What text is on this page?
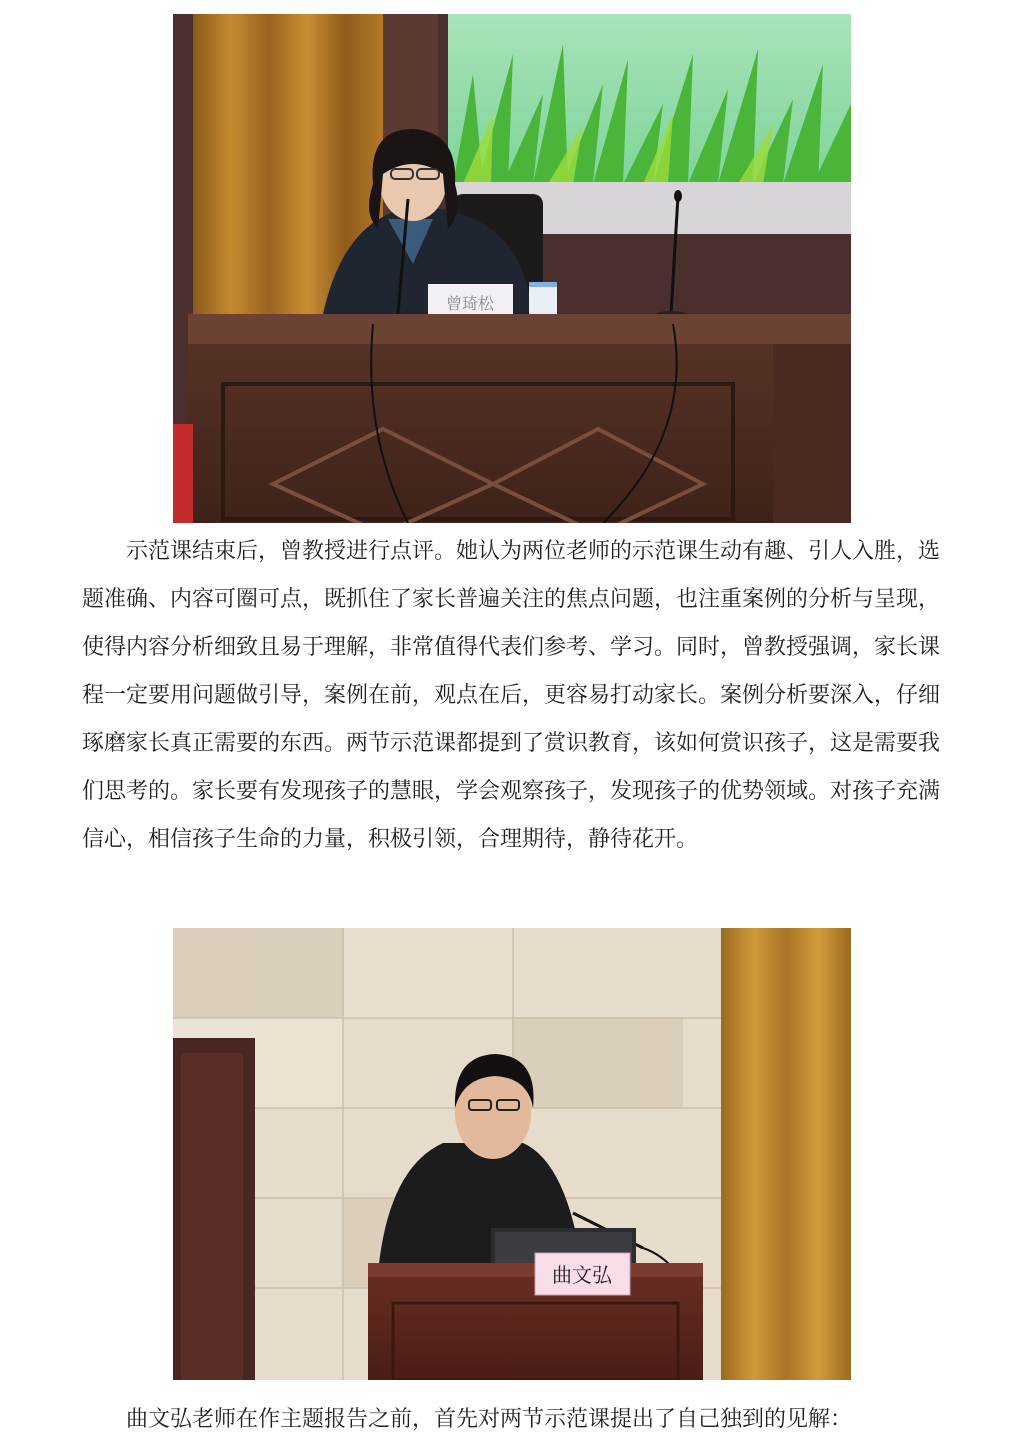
曾琦松

示范课结束后，曾教授进行点评。她认为两位老师的示范课生动有趣、引人入胜，选题准确、内容可圈可点，既抓住了家长普遍关注的焦点问题，也注重案例的分析与呈现，使得内容分析细致且易于理解，非常值得代表们参考、学习。同时，曾教授强调，家长课程一定要用问题做引导，案例在前，观点在后，更容易打动家长。案例分析要深入，仔细琢磨家长真正需要的东西。两节示范课都提到了赏识教育，该如何赏识孩子，这是需要我们思考的。家长要有发现孩子的慧眼，学会观察孩子，发现孩子的优势领域。对孩子充满信心，相信孩子生命的力量，积极引领，合理期待，静待花开。

曲文弘

曲文弘老师在作主题报告之前，首先对两节示范课提出了自己独到的见解：
